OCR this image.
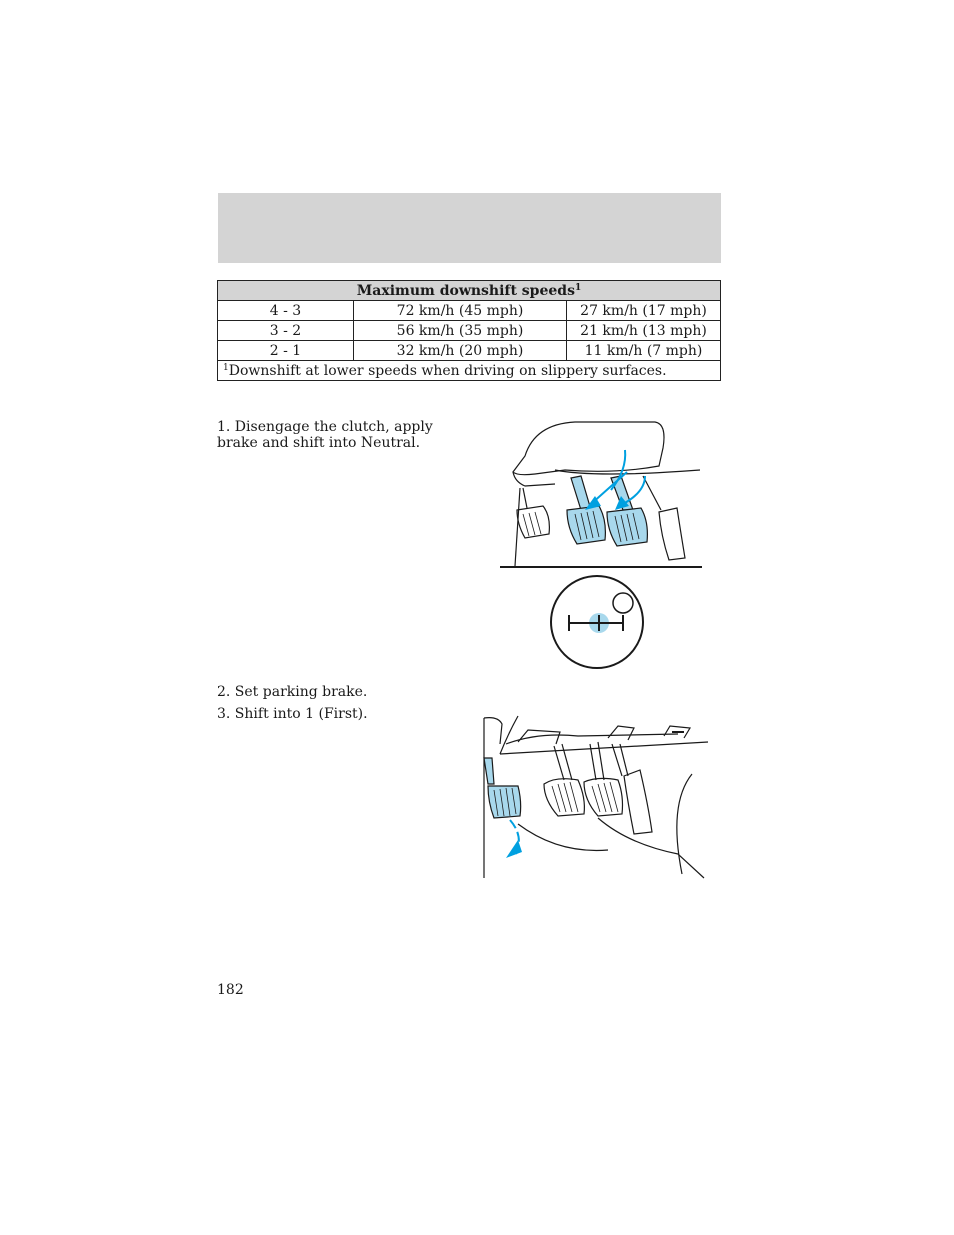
Maximum downshift speeds$^1$
4 - 3	72 km/h (45 mph)	27 km/h (17 mph)
3 - 2	56 km/h (35 mph)	21 km/h (13 mph)
2 - 1	32 km/h (20 mph)	11 km/h (7 mph)
$^1$Downshift at lower speeds when driving on slippery surfaces.		
1. Disengage the clutch, apply brake and shift into Neutral.
2. Set parking brake.
3. Shift into 1 (First).
182
